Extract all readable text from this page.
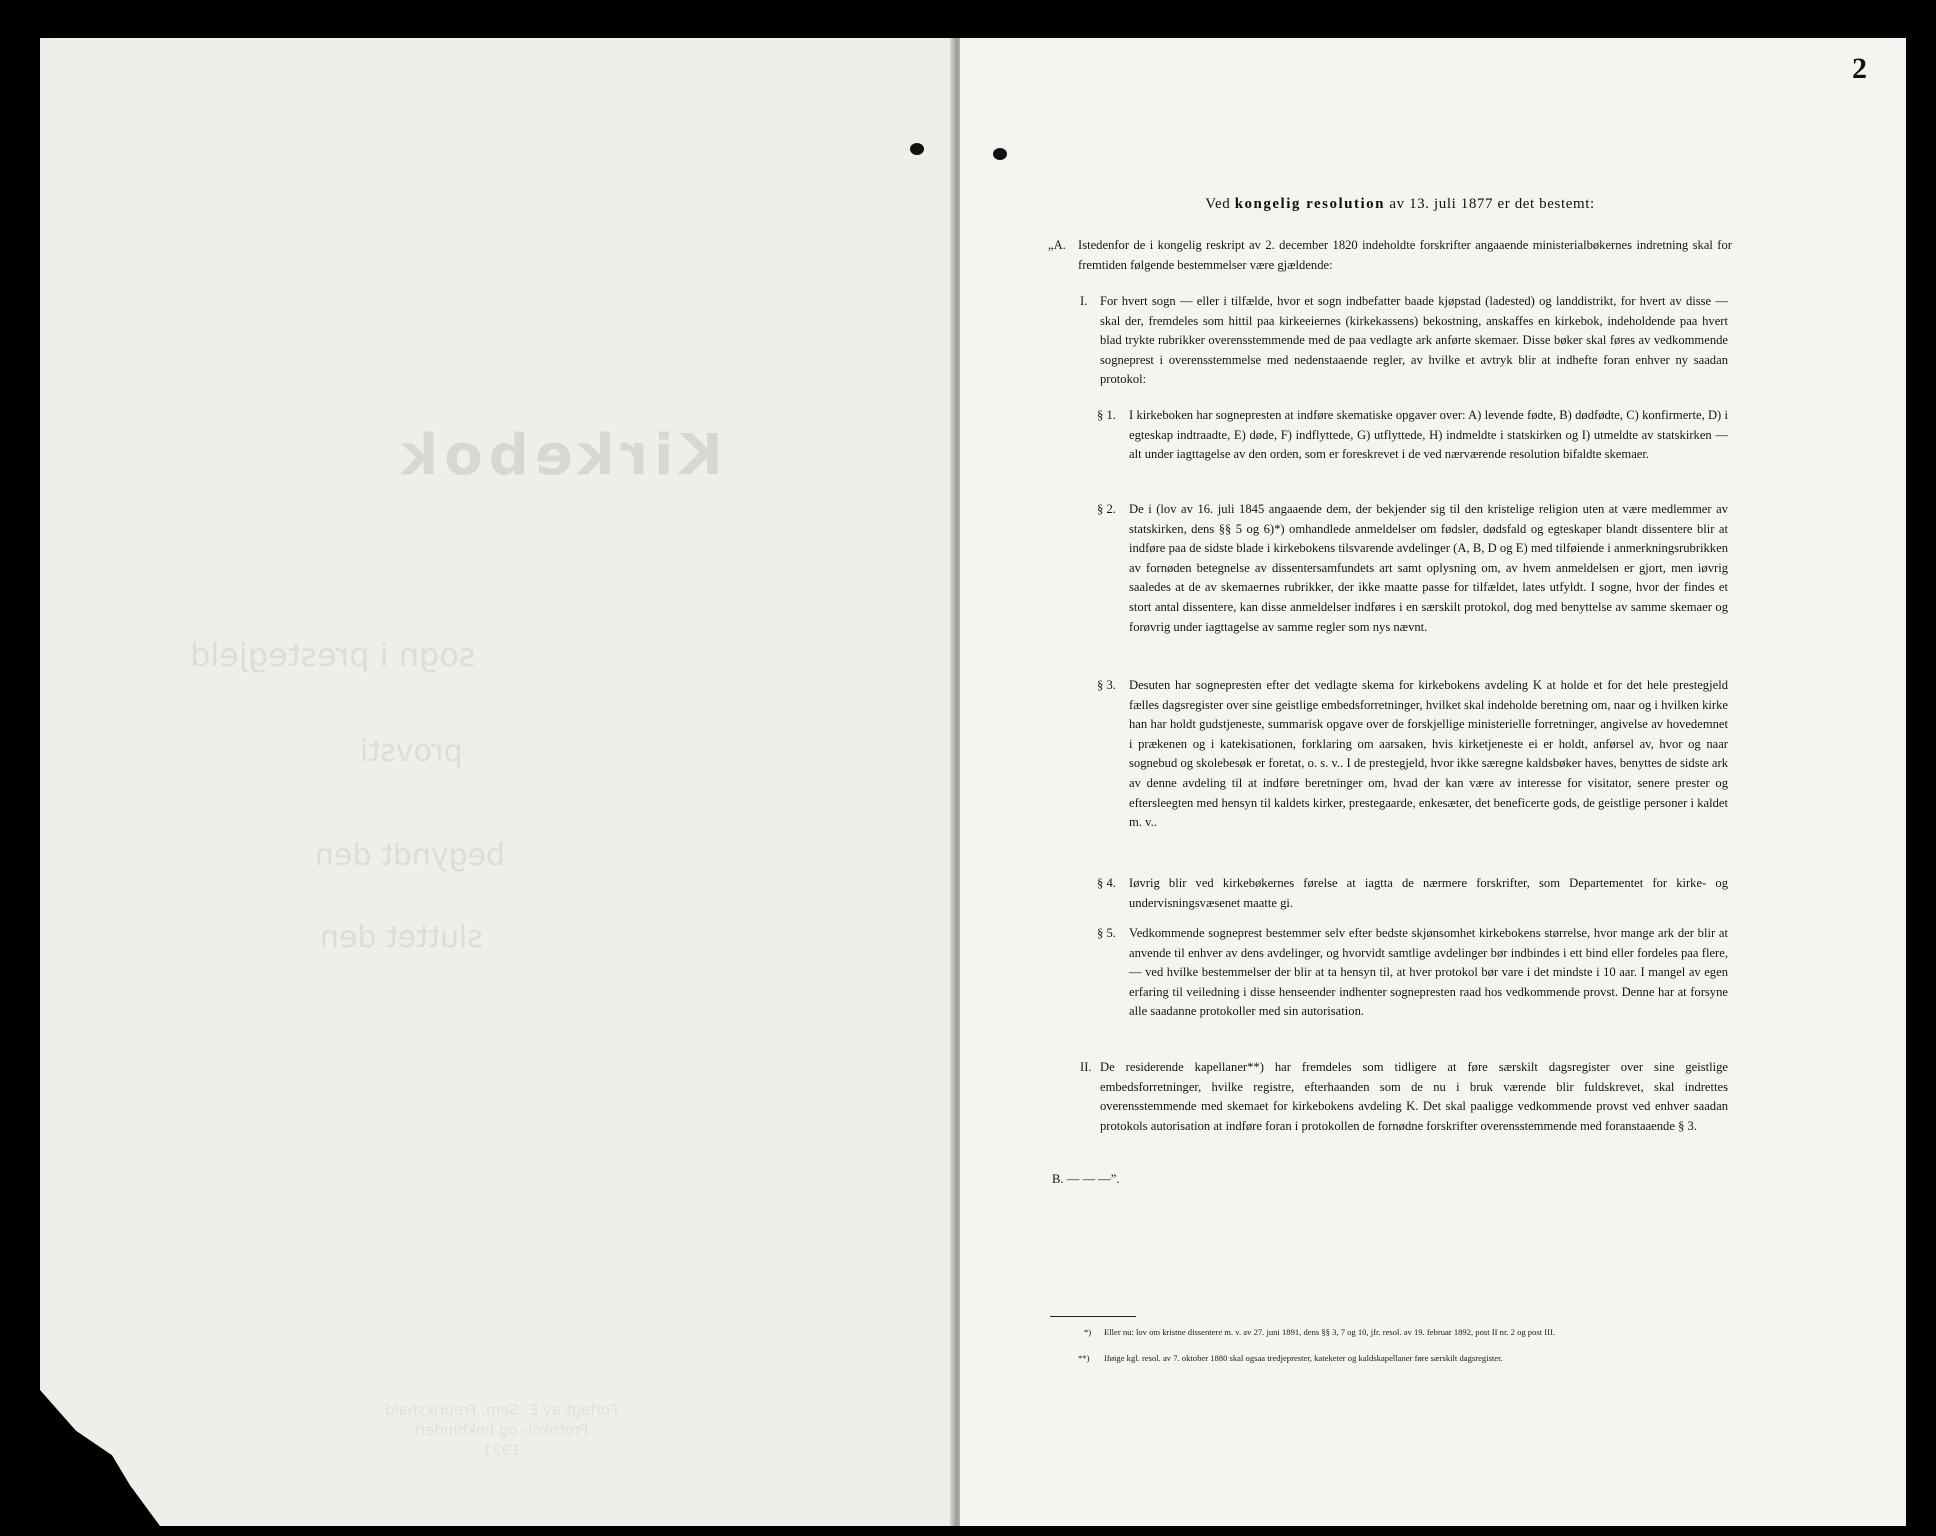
Kirkebok
sogn i prestegjeld
provsti
begyndt den
sluttet den
Forlagt av E. Sem, Fredrikshald
Protokol- og bokbinderi
1921
2
Ved kongelig resolution av 13. juli 1877 er det bestemt:
„A. Istedenfor de i kongelig reskript av 2. december 1820 indeholdte forskrifter angaaende ministerialbøkernes indretning skal for fremtiden følgende bestemmelser være gjældende:
I. For hvert sogn — eller i tilfælde, hvor et sogn indbefatter baade kjøpstad (ladested) og landdistrikt, for hvert av disse — skal der, fremdeles som hittil paa kirkeeiernes (kirkekassens) bekostning, anskaffes en kirkebok, indeholdende paa hvert blad trykte rubrikker overensstemmende med de paa vedlagte ark anførte skemaer. Disse bøker skal føres av vedkommende sogneprest i overensstemmelse med nedenstaaende regler, av hvilke et avtryk blir at indhefte foran enhver ny saadan protokol:
§ 1. I kirkeboken har sognepresten at indføre skematiske opgaver over: A) levende fødte, B) dødfødte, C) konfirmerte, D) i egteskap indtraadte, E) døde, F) indflyttede, G) utflyttede, H) indmeldte i statskirken og I) utmeldte av statskirken — alt under iagttagelse av den orden, som er foreskrevet i de ved nærværende resolution bifaldte skemaer.
§ 2. De i (lov av 16. juli 1845 angaaende dem, der bekjender sig til den kristelige religion uten at være medlemmer av statskirken, dens §§ 5 og 6)*) omhandlede anmeldelser om fødsler, dødsfald og egteskaper blandt dissentere blir at indføre paa de sidste blade i kirkebokens tilsvarende avdelinger (A, B, D og E) med tilføiende i anmerkningsrubrikken av fornøden betegnelse av dissentersamfundets art samt oplysning om, av hvem anmeldelsen er gjort, men iøvrig saaledes at de av skemaernes rubrikker, der ikke maatte passe for tilfældet, lates utfyldt. I sogne, hvor der findes et stort antal dissentere, kan disse anmeldelser indføres i en særskilt protokol, dog med benyttelse av samme skemaer og forøvrig under iagttagelse av samme regler som nys nævnt.
§ 3. Desuten har sognepresten efter det vedlagte skema for kirkebokens avdeling K at holde et for det hele prestegjeld fælles dagsregister over sine geistlige embedsforretninger, hvilket skal indeholde beretning om, naar og i hvilken kirke han har holdt gudstjeneste, summarisk opgave over de forskjellige ministerielle forretninger, angivelse av hovedemnet i prækenen og i katekisationen, forklaring om aarsaken, hvis kirketjeneste ei er holdt, anførsel av, hvor og naar sognebud og skolebesøk er foretat, o. s. v.. I de prestegjeld, hvor ikke særegne kaldsbøker haves, benyttes de sidste ark av denne avdeling til at indføre beretninger om, hvad der kan være av interesse for visitator, senere prester og eftersleegten med hensyn til kaldets kirker, prestegaarde, enkesæter, det beneficerte gods, de geistlige personer i kaldet m. v..
§ 4. Iøvrig blir ved kirkebøkernes førelse at iagtta de nærmere forskrifter, som Departementet for kirke- og undervisningsvæsenet maatte gi.
§ 5. Vedkommende sogneprest bestemmer selv efter bedste skjønsomhet kirkebokens størrelse, hvor mange ark der blir at anvende til enhver av dens avdelinger, og hvorvidt samtlige avdelinger bør indbindes i ett bind eller fordeles paa flere, — ved hvilke bestemmelser der blir at ta hensyn til, at hver protokol bør vare i det mindste i 10 aar. I mangel av egen erfaring til veiledning i disse henseender indhenter sognepresten raad hos vedkommende provst. Denne har at forsyne alle saadanne protokoller med sin autorisation.
II. De residerende kapellaner**) har fremdeles som tidligere at føre særskilt dagsregister over sine geistlige embedsforretninger, hvilke registre, efterhaanden som de nu i bruk værende blir fuldskrevet, skal indrettes overensstemmende med skemaet for kirkebokens avdeling K. Det skal paaligge vedkommende provst ved enhver saadan protokols autorisation at indføre foran i protokollen de fornødne forskrifter overensstemmende med foranstaaende § 3.
B. — — —”.
*) Eller nu: lov om kristne dissentere m. v. av 27. juni 1891, dens §§ 3, 7 og 10, jfr. resol. av 19. februar 1892, post II nr. 2 og post III.
**) Iføige kgl. resol. av 7. oktober 1880 skal ogsaa tredjeprester, kateketer og kaldskapellaner føre særskilt dagsregister.
